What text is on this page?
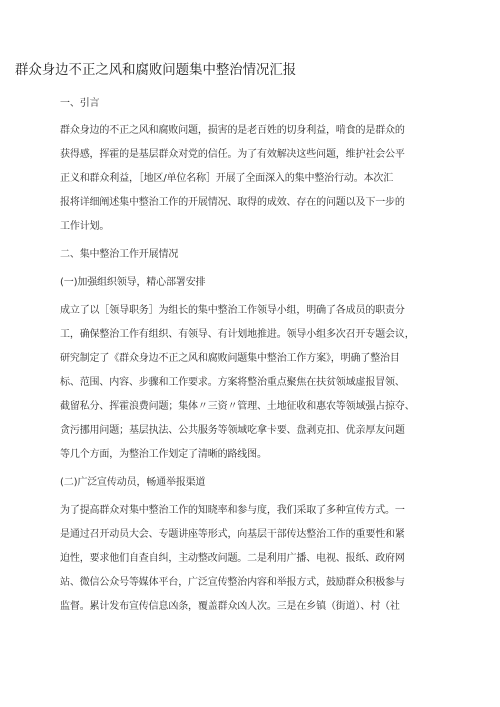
群众身边不正之风和腐败问题集中整治情况汇报
一、引言
群众身边的不正之风和腐败问题，损害的是老百姓的切身利益，啃食的是群众的
获得感，挥霍的是基层群众对党的信任。为了有效解决这些问题，维护社会公平
正义和群众利益，［地区/单位名称］开展了全面深入的集中整治行动。本次汇
报将详细阐述集中整治工作的开展情况、取得的成效、存在的问题以及下一步的
工作计划。
二、集中整治工作开展情况
(一)加强组织领导，精心部署安排
成立了以［领导职务］为组长的集中整治工作领导小组，明确了各成员的职责分
工，确保整治工作有组织、有领导、有计划地推进。领导小组多次召开专题会议，
研究制定了《群众身边不正之风和腐败问题集中整治工作方案》，明确了整治目
标、范围、内容、步骤和工作要求。方案将整治重点聚焦在扶贫领域虚报冒领、
截留私分、挥霍浪费问题；集体〃三资〃管理、土地征收和惠农等领域强占掠夺、
贪污挪用问题；基层执法、公共服务等领域吃拿卡要、盘剥克扣、优亲厚友问题
等几个方面，为整治工作划定了清晰的路线图。
(二)广泛宣传动员，畅通举报渠道
为了提高群众对集中整治工作的知晓率和参与度，我们采取了多种宣传方式。一
是通过召开动员大会、专题讲座等形式，向基层干部传达整治工作的重要性和紧
迫性，要求他们自查自纠，主动整改问题。二是利用广播、电视、报纸、政府网
站、微信公众号等媒体平台，广泛宣传整治内容和举报方式，鼓励群众积极参与
监督。累计发布宣传信息凶条，覆盖群众凶人次。三是在乡镇（街道）、村（社
